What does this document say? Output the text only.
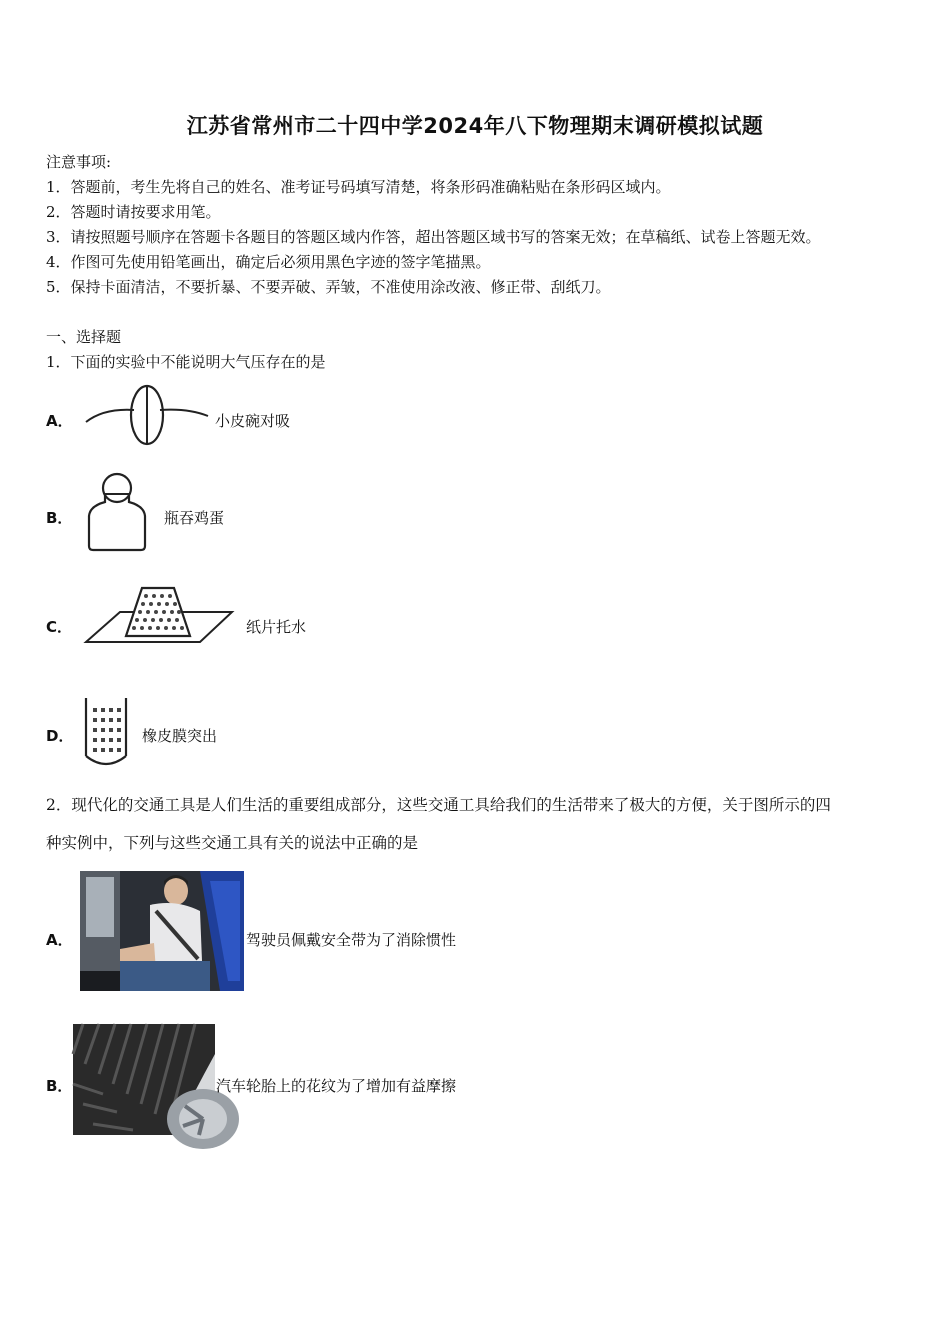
江苏省常州市二十四中学2024年八下物理期末调研模拟试题
注意事项:
1．答题前，考生先将自己的姓名、准考证号码填写清楚，将条形码准确粘贴在条形码区域内。
2．答题时请按要求用笔。
3．请按照题号顺序在答题卡各题目的答题区域内作答，超出答题区域书写的答案无效；在草稿纸、试卷上答题无效。
4．作图可先使用铅笔画出，确定后必须用黑色字迹的签字笔描黑。
5．保持卡面清洁，不要折暴、不要弄破、弄皱，不准使用涂改液、修正带、刮纸刀。
一、选择题
1．下面的实验中不能说明大气压存在的是
A．	小皮碗对吸
B．	瓶吞鸡蛋
C．	纸片托水
D．	橡皮膜突出
2．现代化的交通工具是人们生活的重要组成部分，这些交通工具给我们的生活带来了极大的方便，关于图所示的四
种实例中，下列与这些交通工具有关的说法中正确的是
A．	驾驶员佩戴安全带为了消除惯性
B．	汽车轮胎上的花纹为了增加有益摩擦
